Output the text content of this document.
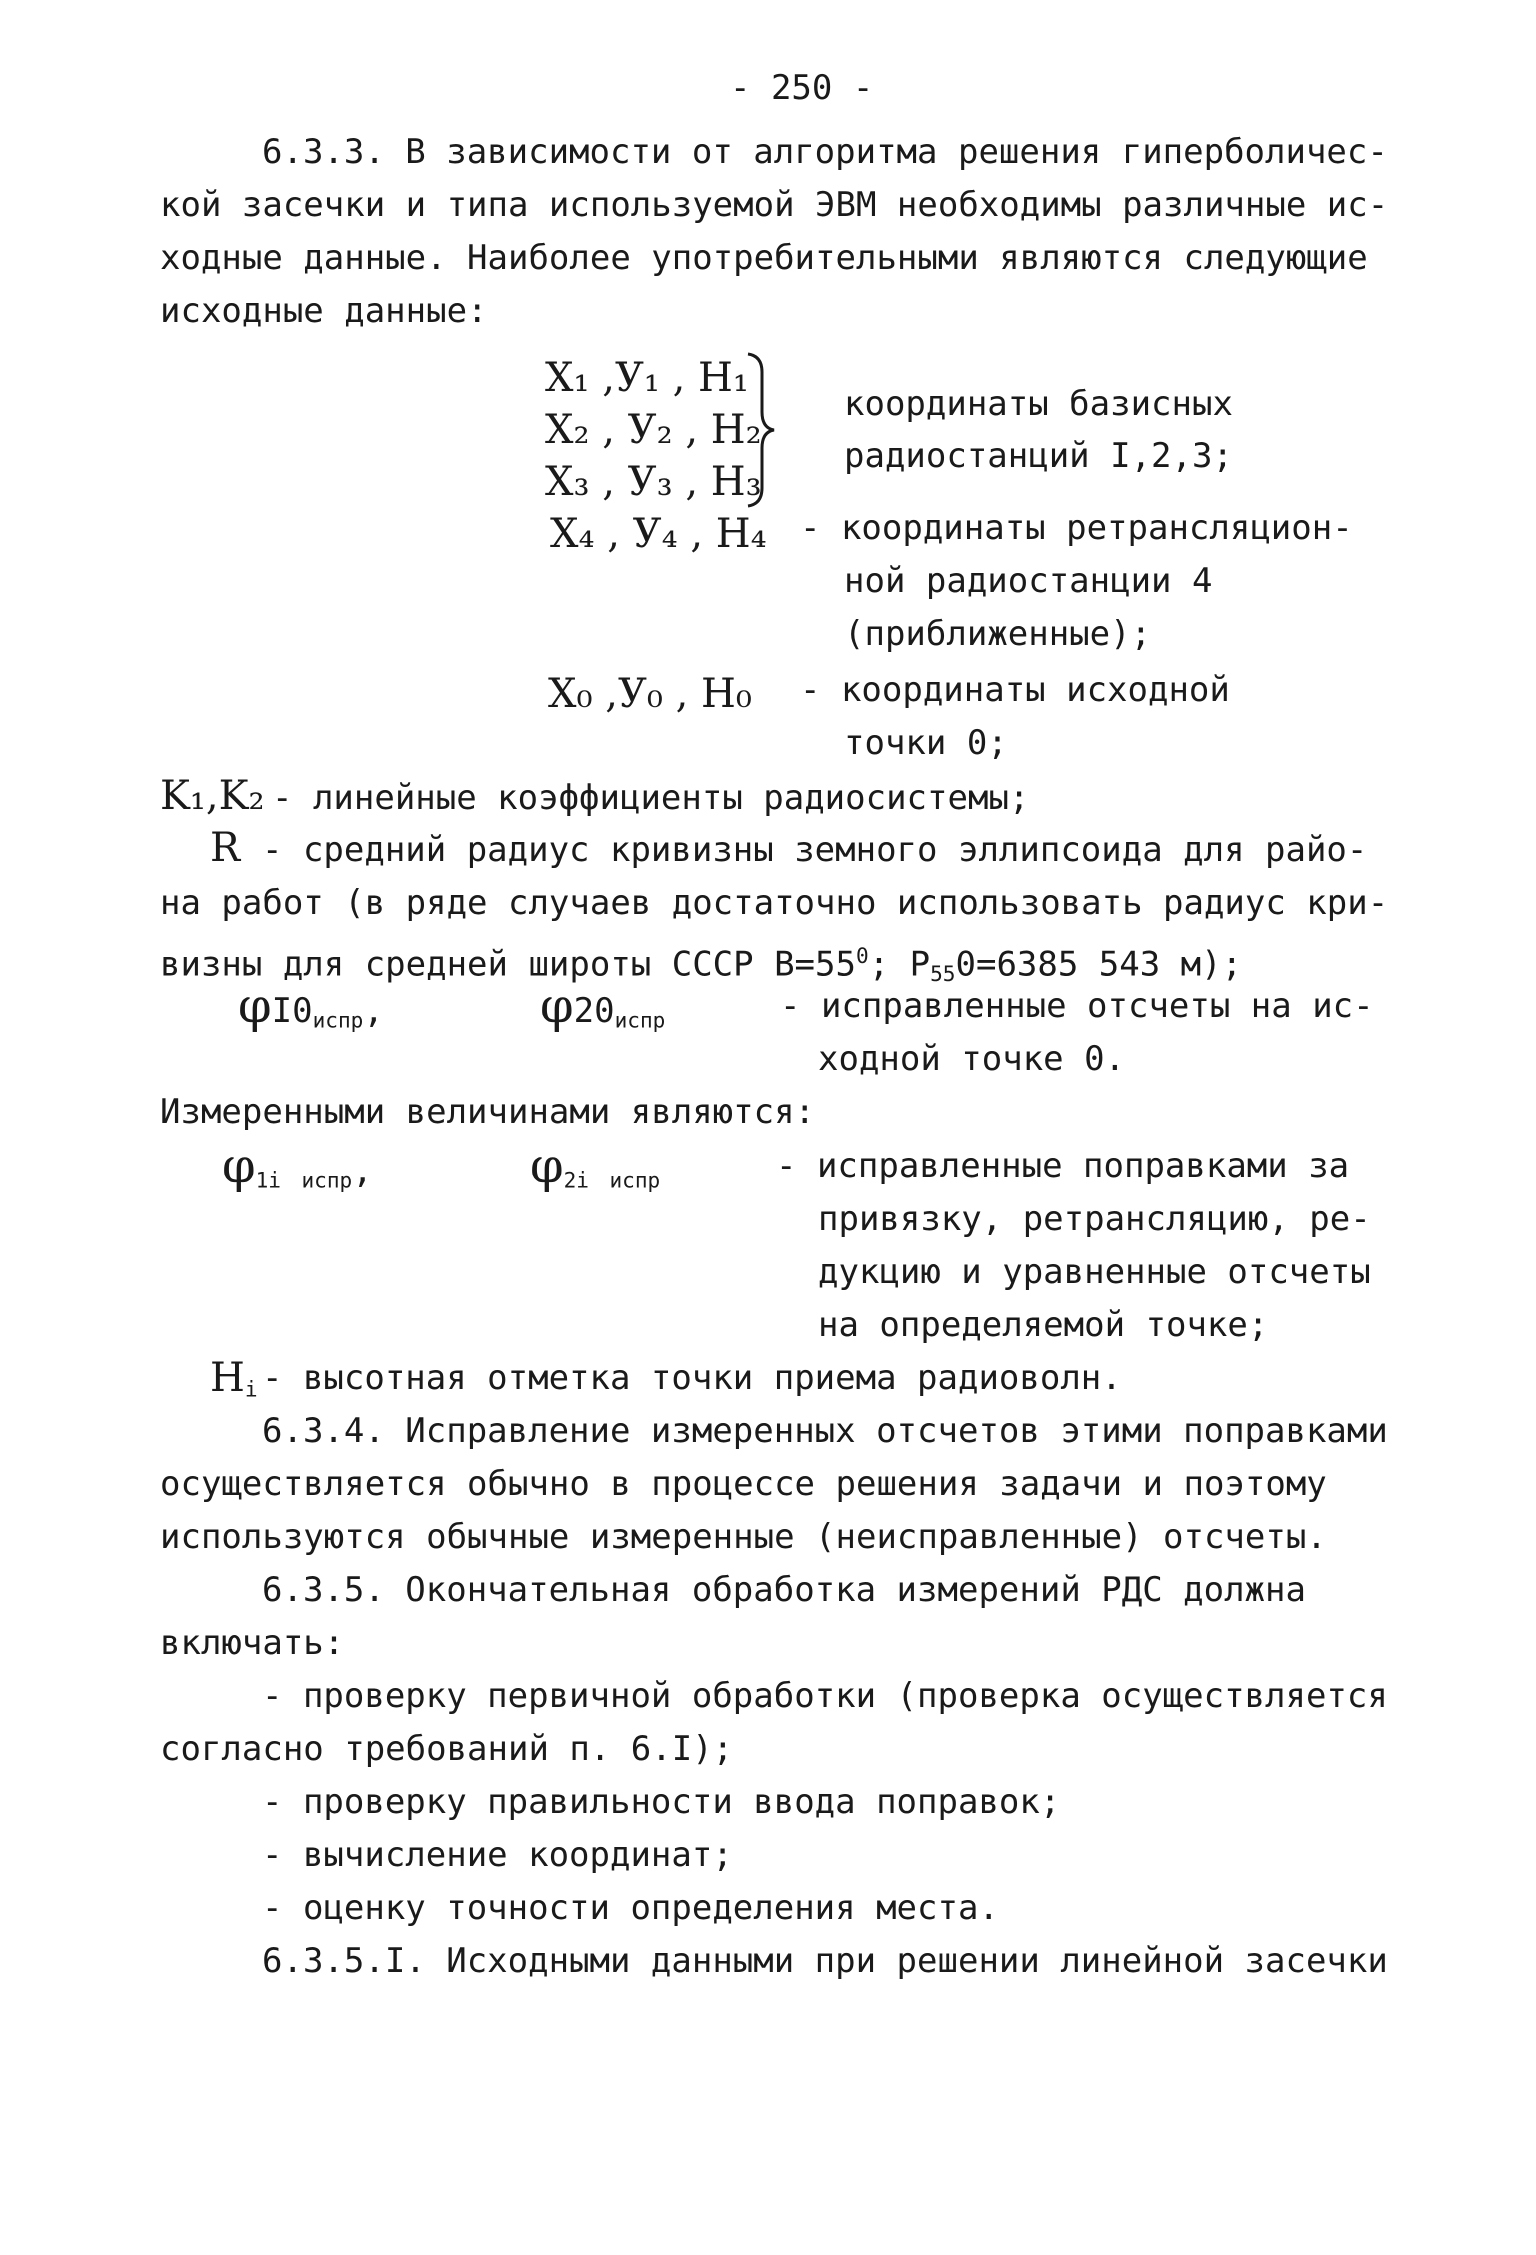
- 250 -
6.3.3. В зависимости от алгоритма решения гиперболичес-
кой засечки и типа используемой ЭВМ необходимы различные ис-
ходные данные. Наиболее употребительными являются следующие
исходные данные:
X₁ ,У₁ , H₁
X₂ , У₂ , H₂
X₃ , У₃ , H₃
координаты базисных
радиостанций I,2,3;
X₄ , У₄ , H₄ - координаты ретрансляцион-
ной радиостанции 4
(приближенные);
X₀ ,У₀ , H₀ - координаты исходной
точки 0;
K₁,K₂ - линейные коэффициенты радиосистемы;
R - средний радиус кривизны земного эллипсоида для райо-
на работ (в ряде случаев достаточно использовать радиус кри-
визны для средней широты СССР $B=55^0$; $P_{55}0=6385$ 543 м);
$\varphi I0_{испр}$,	$\varphi 20_{испр}$	- исправленные отсчеты на ис-
ходной точке 0.
Измеренными величинами являются:
$\varphi_{1i}$ $_{испр}$,	$\varphi_{2i}$ $_{испр}$	- исправленные поправками за
привязку, ретрансляцию, ре-
дукцию и уравненные отсчеты
на определяемой точке;
$H_i$ - высотная отметка точки приема радиоволн.
6.3.4. Исправление измеренных отсчетов этими поправками
осуществляется обычно в процессе решения задачи и поэтому
используются обычные измеренные (неисправленные) отсчеты.
6.3.5. Окончательная обработка измерений РДС должна
включать:
- проверку первичной обработки (проверка осуществляется
согласно требований п. 6.I);
- проверку правильности ввода поправок;
- вычисление координат;
- оценку точности определения места.
6.3.5.I. Исходными данными при решении линейной засечки
